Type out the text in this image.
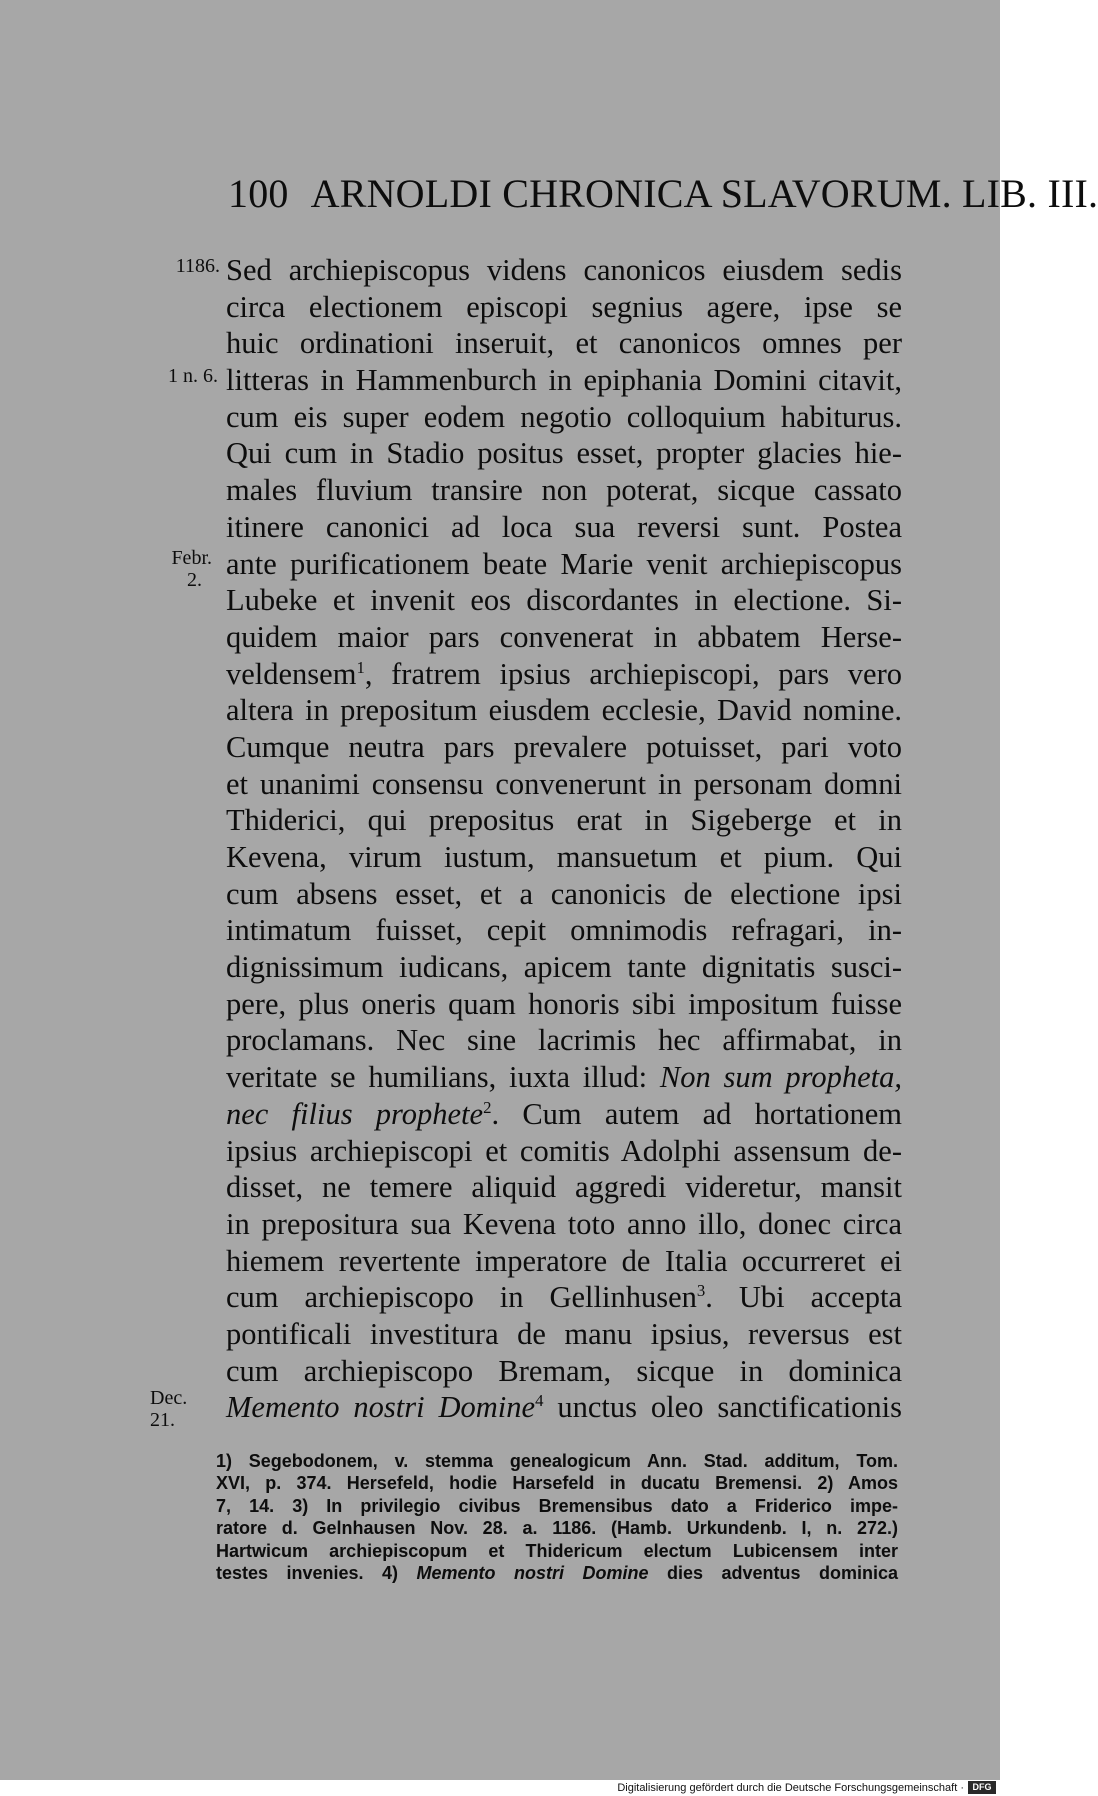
100 ARNOLDI CHRONICA SLAVORUM. LIB. III.
1186.
1 n. 6.
Febr.
2.
Dec.
21.
Sed archiepiscopus videns canonicos eiusdem sedis
circa electionem episcopi segnius agere, ipse se
huic ordinationi inseruit, et canonicos omnes per
litteras in Hammenburch in epiphania Domini citavit,
cum eis super eodem negotio colloquium habiturus.
Qui cum in Stadio positus esset, propter glacies hie-
males fluvium transire non poterat, sicque cassato
itinere canonici ad loca sua reversi sunt. Postea
ante purificationem beate Marie venit archiepiscopus
Lubeke et invenit eos discordantes in electione. Si-
quidem maior pars convenerat in abbatem Herse-
veldensem$^1$, fratrem ipsius archiepiscopi, pars vero
altera in prepositum eiusdem ecclesie, David nomine.
Cumque neutra pars prevalere potuisset, pari voto
et unanimi consensu convenerunt in personam domni
Thiderici, qui prepositus erat in Sigeberge et in
Kevena, virum iustum, mansuetum et pium. Qui
cum absens esset, et a canonicis de electione ipsi
intimatum fuisset, cepit omnimodis refragari, in-
dignissimum iudicans, apicem tante dignitatis susci-
pere, plus oneris quam honoris sibi impositum fuisse
proclamans. Nec sine lacrimis hec affirmabat, in
veritate se humilians, iuxta illud: Non sum propheta,
nec filius prophete$^2$. Cum autem ad hortationem
ipsius archiepiscopi et comitis Adolphi assensum de-
disset, ne temere aliquid aggredi videretur, mansit
in prepositura sua Kevena toto anno illo, donec circa
hiemem revertente imperatore de Italia occurreret ei
cum archiepiscopo in Gellinhusen$^3$. Ubi accepta
pontificali investitura de manu ipsius, reversus est
cum archiepiscopo Bremam, sicque in dominica
Memento nostri Domine$^4$ unctus oleo sanctificationis
1) Segebodonem, v. stemma genealogicum Ann. Stad. additum, Tom.
XVI, p. 374. Hersefeld, hodie Harsefeld in ducatu Bremensi. 2) Amos
7, 14. 3) In privilegio civibus Bremensibus dato a Friderico impe-
ratore d. Gelnhausen Nov. 28. a. 1186. (Hamb. Urkundenb. I, n. 272.)
Hartwicum archiepiscopum et Thidericum electum Lubicensem inter
testes invenies. 4) Memento nostri Domine dies adventus dominica
Digitalisierung gefördert durch die Deutsche Forschungsgemeinschaft · DFG
